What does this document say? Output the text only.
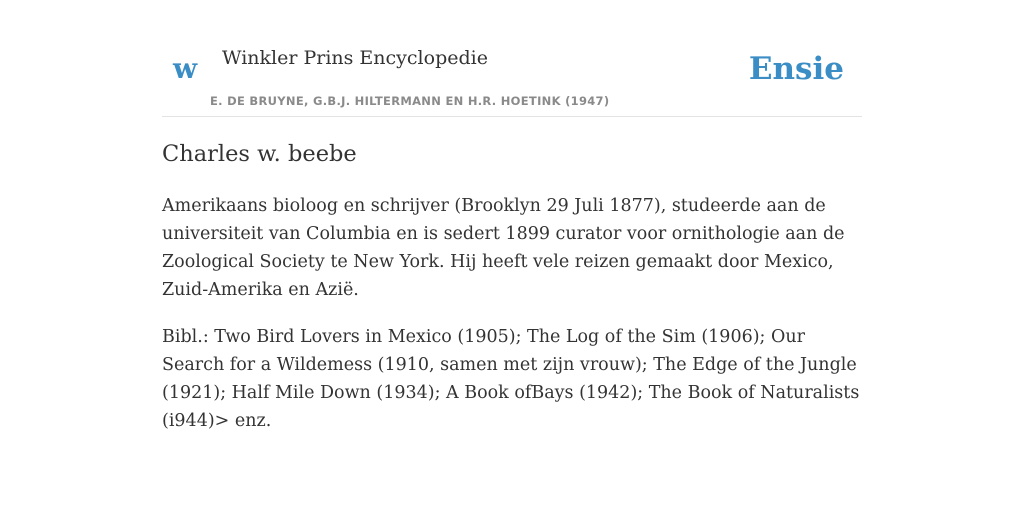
w Winkler Prins Encyclopedie
E. DE BRUYNE, G.B.J. HILTERMANN EN H.R. HOETINK (1947)
Ensie
Charles w. beebe

Amerikaans bioloog en schrijver (Brooklyn 29 Juli 1877), studeerde aan de universiteit van Columbia en is sedert 1899 curator voor ornithologie aan de Zoological Society te New York. Hij heeft vele reizen gemaakt door Mexico, Zuid-Amerika en Azië.

Bibl.: Two Bird Lovers in Mexico (1905); The Log of the Sim (1906); Our Search for a Wildemess (1910, samen met zijn vrouw); The Edge of the Jungle (1921); Half Mile Down (1934); A Book ofBays (1942); The Book of Naturalists (i944)> enz.
